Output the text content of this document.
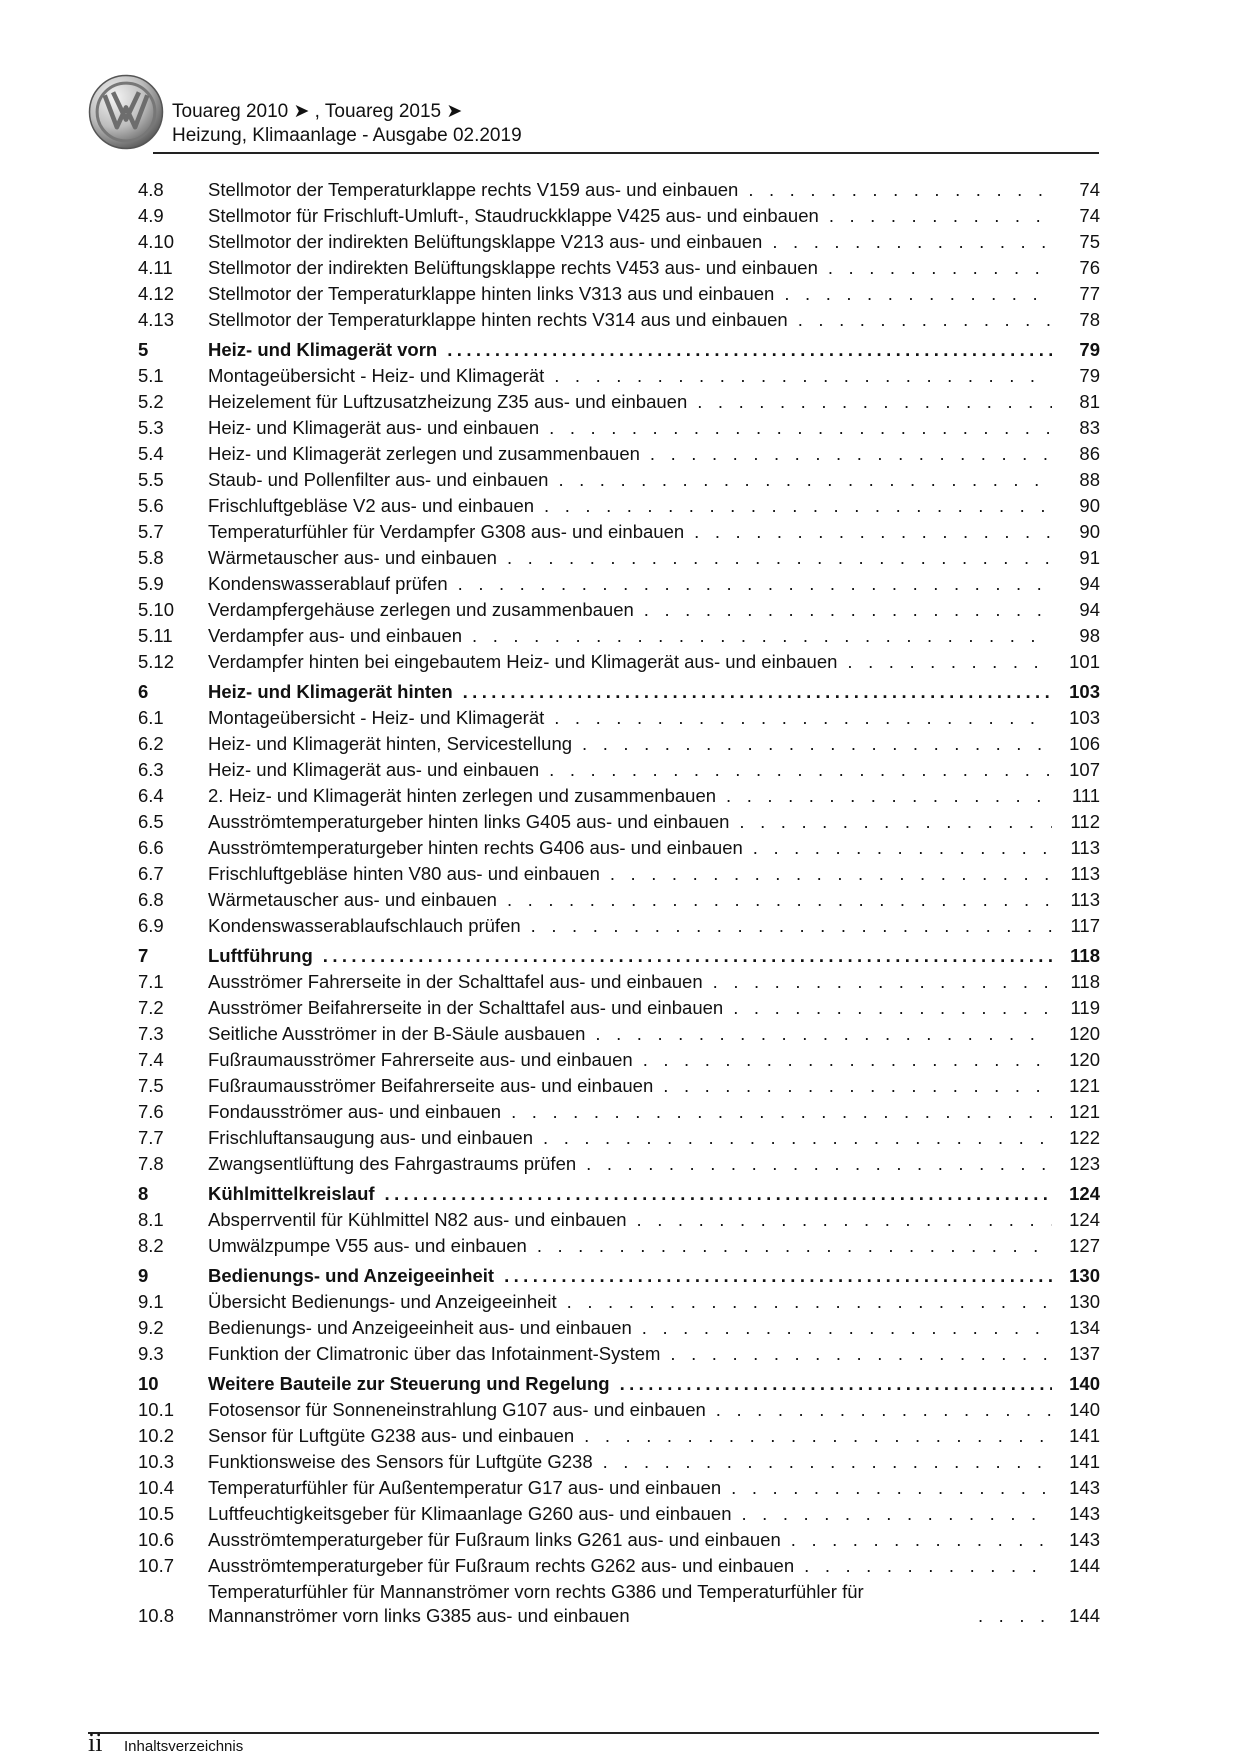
Touareg 2010 ➤ , Touareg 2015 ➤
Heizung, Klimaanlage - Ausgabe 02.2019
4.8	Stellmotor der Temperaturklappe rechts V159 aus- und einbauen . . .	74
4.9	Stellmotor für Frischluft-Umluft-, Staudruckklappe V425 aus- und einbauen . . .	74
4.10	Stellmotor der indirekten Belüftungsklappe V213 aus- und einbauen . . .	75
4.11	Stellmotor der indirekten Belüftungsklappe rechts V453 aus- und einbauen . . .	76
4.12	Stellmotor der Temperaturklappe hinten links V313 aus und einbauen . . .	77
4.13	Stellmotor der Temperaturklappe hinten rechts V314 aus und einbauen . . .	78
5	Heiz- und Klimagerät vorn .....	79
5.1	Montageübersicht - Heiz- und Klimagerät . . .	79
5.2	Heizelement für Luftzusatzheizung Z35 aus- und einbauen . . .	81
5.3	Heiz- und Klimagerät aus- und einbauen . . .	83
5.4	Heiz- und Klimagerät zerlegen und zusammenbauen . . .	86
5.5	Staub- und Pollenfilter aus- und einbauen . . .	88
5.6	Frischluftgebläse V2 aus- und einbauen . . .	90
5.7	Temperaturfühler für Verdampfer G308 aus- und einbauen . . .	90
5.8	Wärmetauscher aus- und einbauen . . .	91
5.9	Kondenswasserablauf prüfen . . .	94
5.10	Verdampfergehäuse zerlegen und zusammenbauen . . .	94
5.11	Verdampfer aus- und einbauen . . .	98
5.12	Verdampfer hinten bei eingebautem Heiz- und Klimagerät aus- und einbauen . . .	101
6	Heiz- und Klimagerät hinten .....	103
6.1	Montageübersicht - Heiz- und Klimagerät . . .	103
6.2	Heiz- und Klimagerät hinten, Servicestellung . . .	106
6.3	Heiz- und Klimagerät aus- und einbauen . . .	107
6.4	2. Heiz- und Klimagerät hinten zerlegen und zusammenbauen . . .	111
6.5	Ausströmtemperaturgeber hinten links G405 aus- und einbauen . . .	112
6.6	Ausströmtemperaturgeber hinten rechts G406 aus- und einbauen . . .	113
6.7	Frischluftgebläse hinten V80 aus- und einbauen . . .	113
6.8	Wärmetauscher aus- und einbauen . . .	113
6.9	Kondenswasserablaufschlauch prüfen . . .	117
7	Luftführung .....	118
7.1	Ausströmer Fahrerseite in der Schalttafel aus- und einbauen . . .	118
7.2	Ausströmer Beifahrerseite in der Schalttafel aus- und einbauen . . .	119
7.3	Seitliche Ausströmer in der B-Säule ausbauen . . .	120
7.4	Fußraumausströmer Fahrerseite aus- und einbauen . . .	120
7.5	Fußraumausströmer Beifahrerseite aus- und einbauen . . .	121
7.6	Fondausströmer aus- und einbauen . . .	121
7.7	Frischluftansaugung aus- und einbauen . . .	122
7.8	Zwangsentlüftung des Fahrgastraums prüfen . . .	123
8	Kühlmittelkreislauf .....	124
8.1	Absperrventil für Kühlmittel N82 aus- und einbauen . . .	124
8.2	Umwälzpumpe V55 aus- und einbauen . . .	127
9	Bedienungs- und Anzeigeeinheit .....	130
9.1	Übersicht Bedienungs- und Anzeigeeinheit . . .	130
9.2	Bedienungs- und Anzeigeeinheit aus- und einbauen . . .	134
9.3	Funktion der Climatronic über das Infotainment-System . . .	137
10	Weitere Bauteile zur Steuerung und Regelung .....	140
10.1	Fotosensor für Sonneneinstrahlung G107 aus- und einbauen . . .	140
10.2	Sensor für Luftgüte G238 aus- und einbauen . . .	141
10.3	Funktionsweise des Sensors für Luftgüte G238 . . .	141
10.4	Temperaturfühler für Außentemperatur G17 aus- und einbauen . . .	143
10.5	Luftfeuchtigkeitsgeber für Klimaanlage G260 aus- und einbauen . . .	143
10.6	Ausströmtemperaturgeber für Fußraum links G261 aus- und einbauen . . .	143
10.7	Ausströmtemperaturgeber für Fußraum rechts G262 aus- und einbauen . . .	144
10.8
Temperaturfühler für Mannanströmer vorn rechts G386 und Temperaturfühler für Mannanströmer vorn links G385 aus- und einbauen . . .	144
ii Inhaltsverzeichnis
